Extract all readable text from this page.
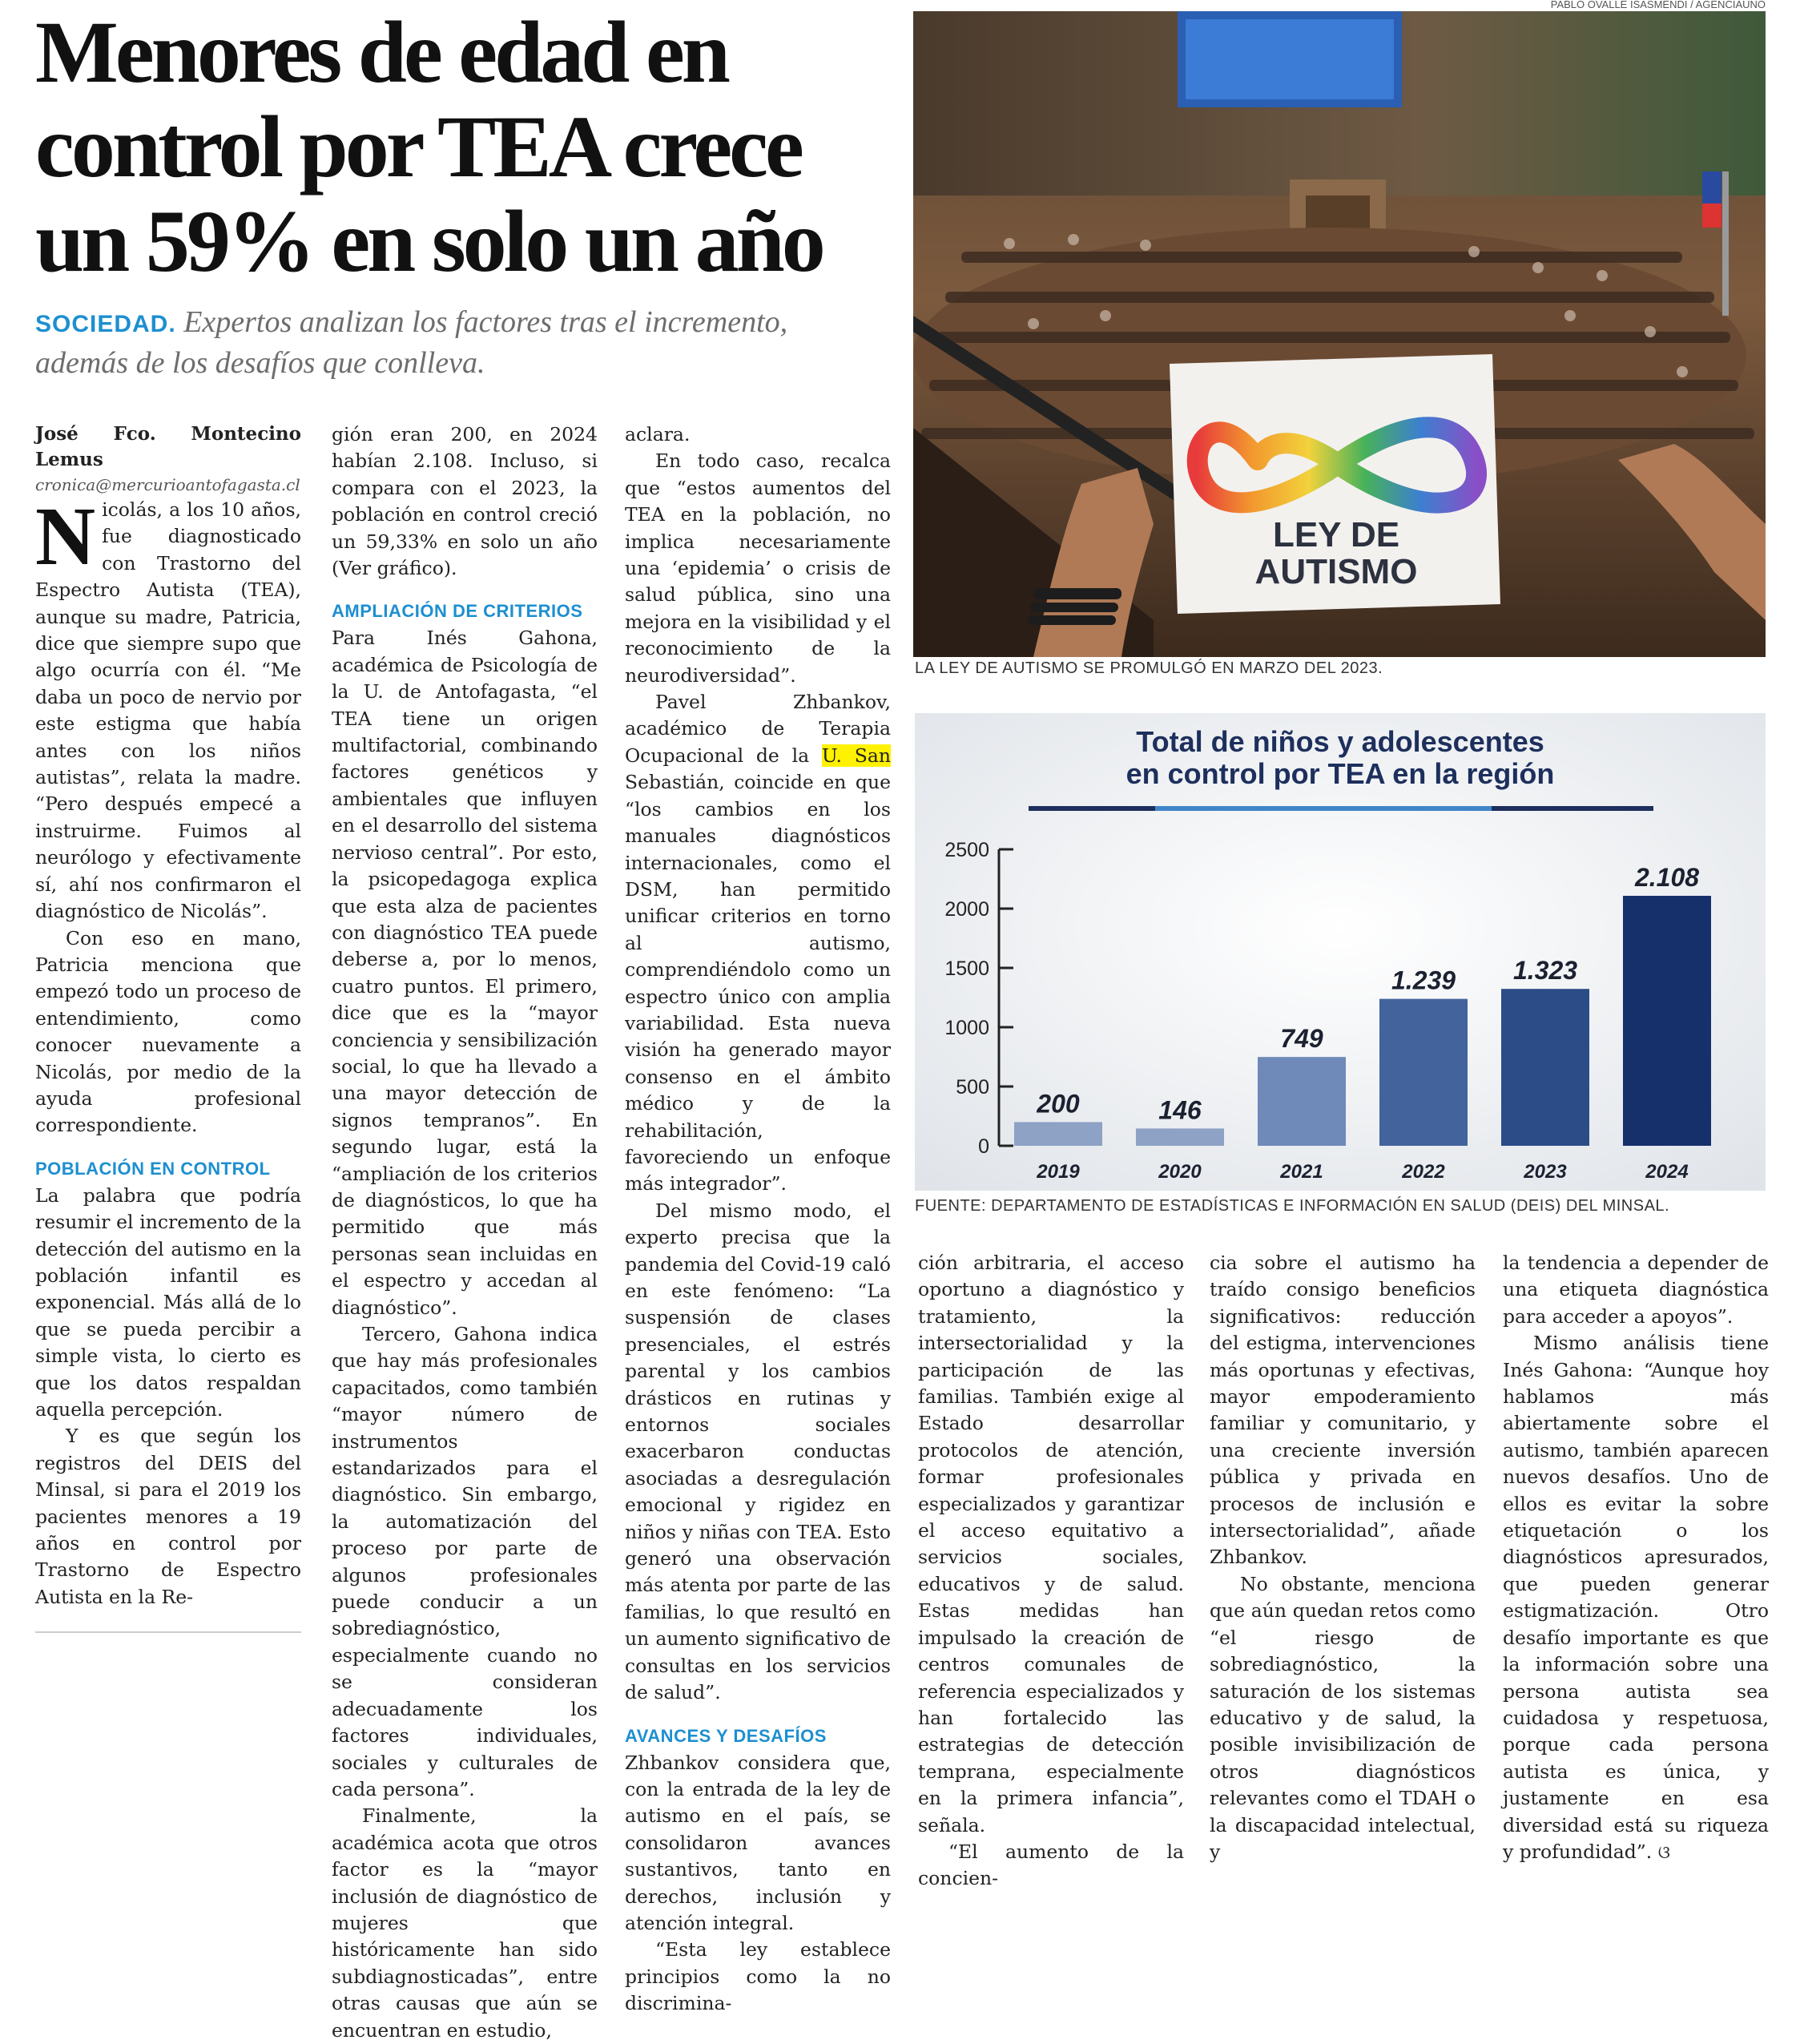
Menores de edad en control por TEA crece un 59% en solo un año
SOCIEDAD. Expertos analizan los factores tras el incremento, además de los desafíos que conlleva.

José Fco. Montecino Lemus

cronica@mercurioantofagasta.cl

Nicolás, a los 10 años, fue diagnosticado con Trastorno del Espectro Autista (TEA), aunque su madre, Patricia, dice que siempre supo que algo ocurría con él. “Me daba un poco de nervio por este estigma que había antes con los niños autistas”, relata la madre. “Pero después empecé a instruirme. Fuimos al neurólogo y efectivamente sí, ahí nos confirmaron el diagnóstico de Nicolás”.

Con eso en mano, Patricia menciona que empezó todo un proceso de entendimiento, como conocer nuevamente a Nicolás, por medio de la ayuda profesional correspondiente.

POBLACIÓN EN CONTROL

La palabra que podría resumir el incremento de la detección del autismo en la población infantil es exponencial. Más allá de lo que se pueda percibir a simple vista, lo cierto es que los datos respaldan aquella percepción.

Y es que según los registros del DEIS del Minsal, si para el 2019 los pacientes menores a 19 años en control por Trastorno de Espectro Autista en la Re-

gión eran 200, en 2024 habían 2.108. Incluso, si compara con el 2023, la población en control creció un 59,33% en solo un año (Ver gráfico).

AMPLIACIÓN DE CRITERIOS

Para Inés Gahona, académica de Psicología de la U. de Antofagasta, “el TEA tiene un origen multifactorial, combinando factores genéticos y ambientales que influyen en el desarrollo del sistema nervioso central”. Por esto, la psicopedagoga explica que esta alza de pacientes con diagnóstico TEA puede deberse a, por lo menos, cuatro puntos. El primero, dice que es la “mayor conciencia y sensibilización social, lo que ha llevado a una mayor detección de signos tempranos”. En segundo lugar, está la “ampliación de los criterios de diagnósticos, lo que ha permitido que más personas sean incluidas en el espectro y accedan al diagnóstico”.

Tercero, Gahona indica que hay más profesionales capacitados, como también “mayor número de instrumentos estandarizados para el diagnóstico. Sin embargo, la automatización del proceso por parte de algunos profesionales puede conducir a un sobrediagnóstico, especialmente cuando no se consideran adecuadamente los factores individuales, sociales y culturales de cada persona”.

Finalmente, la académica acota que otros factor es la “mayor inclusión de diagnóstico de mujeres que históricamente han sido subdiagnosticadas”, entre otras causas que aún se encuentran en estudio,

aclara.

En todo caso, recalca que “estos aumentos del TEA en la población, no implica necesariamente una ‘epidemia’ o crisis de salud pública, sino una mejora en la visibilidad y el reconocimiento de la neurodiversidad”.

Pavel Zhbankov, académico de Terapia Ocupacional de la U. San Sebastián, coincide en que “los cambios en los manuales diagnósticos internacionales, como el DSM, han permitido unificar criterios en torno al autismo, comprendiéndolo como un espectro único con amplia variabilidad. Esta nueva visión ha generado mayor consenso en el ámbito médico y de la rehabilitación, favoreciendo un enfoque más integrador”.

Del mismo modo, el experto precisa que la pandemia del Covid-19 caló en este fenómeno: “La suspensión de clases presenciales, el estrés parental y los cambios drásticos en rutinas y entornos sociales exacerbaron conductas asociadas a desregulación emocional y rigidez en niños y niñas con TEA. Esto generó una observación más atenta por parte de las familias, lo que resultó en un aumento significativo de consultas en los servicios de salud”.

AVANCES Y DESAFÍOS

Zhbankov considera que, con la entrada de la ley de autismo en el país, se consolidaron avances sustantivos, tanto en derechos, inclusión y atención integral.

“Esta ley establece principios como la no discrimina-

ción arbitraria, el acceso oportuno a diagnóstico y tratamiento, la intersectorialidad y la participación de las familias. También exige al Estado desarrollar protocolos de atención, formar profesionales especializados y garantizar el acceso equitativo a servicios sociales, educativos y de salud. Estas medidas han impulsado la creación de centros comunales de referencia especializados y han fortalecido las estrategias de detección temprana, especialmente en la primera infancia”, señala.

“El aumento de la concien-

cia sobre el autismo ha traído consigo beneficios significativos: reducción del estigma, intervenciones más oportunas y efectivas, mayor empoderamiento familiar y comunitario, y una creciente inversión pública y privada en procesos de inclusión e intersectorialidad”, añade Zhbankov.

No obstante, menciona que aún quedan retos como “el riesgo de sobrediagnóstico, la saturación de los sistemas educativo y de salud, la posible invisibilización de otros diagnósticos relevantes como el TDAH o la discapacidad intelectual, y

la tendencia a depender de una etiqueta diagnóstica para acceder a apoyos”.

Mismo análisis tiene Inés Gahona: “Aunque hoy hablamos más abiertamente sobre el autismo, también aparecen nuevos desafíos. Uno de ellos es evitar la sobre etiquetación o los diagnósticos apresurados, que pueden generar estigmatización. Otro desafío importante es que la información sobre una persona autista sea cuidadosa y respetuosa, porque cada persona autista es única, y justamente en esa diversidad está su riqueza y profundidad”. ଓ

PABLO OVALLE ISASMENDI / AGENCIAUNO
LEY DE
AUTISMO
LA LEY DE AUTISMO SE PROMULGÓ EN MARZO DEL 2023.
Total de niños y adolescentes
en control por TEA en la región
0
500
1000
1500
2000
2500
200
2019
146
2020
749
2021
1.239
2022
1.323
2023
2.108
2024
FUENTE: DEPARTAMENTO DE ESTADÍSTICAS E INFORMACIÓN EN SALUD (DEIS) DEL MINSAL.
